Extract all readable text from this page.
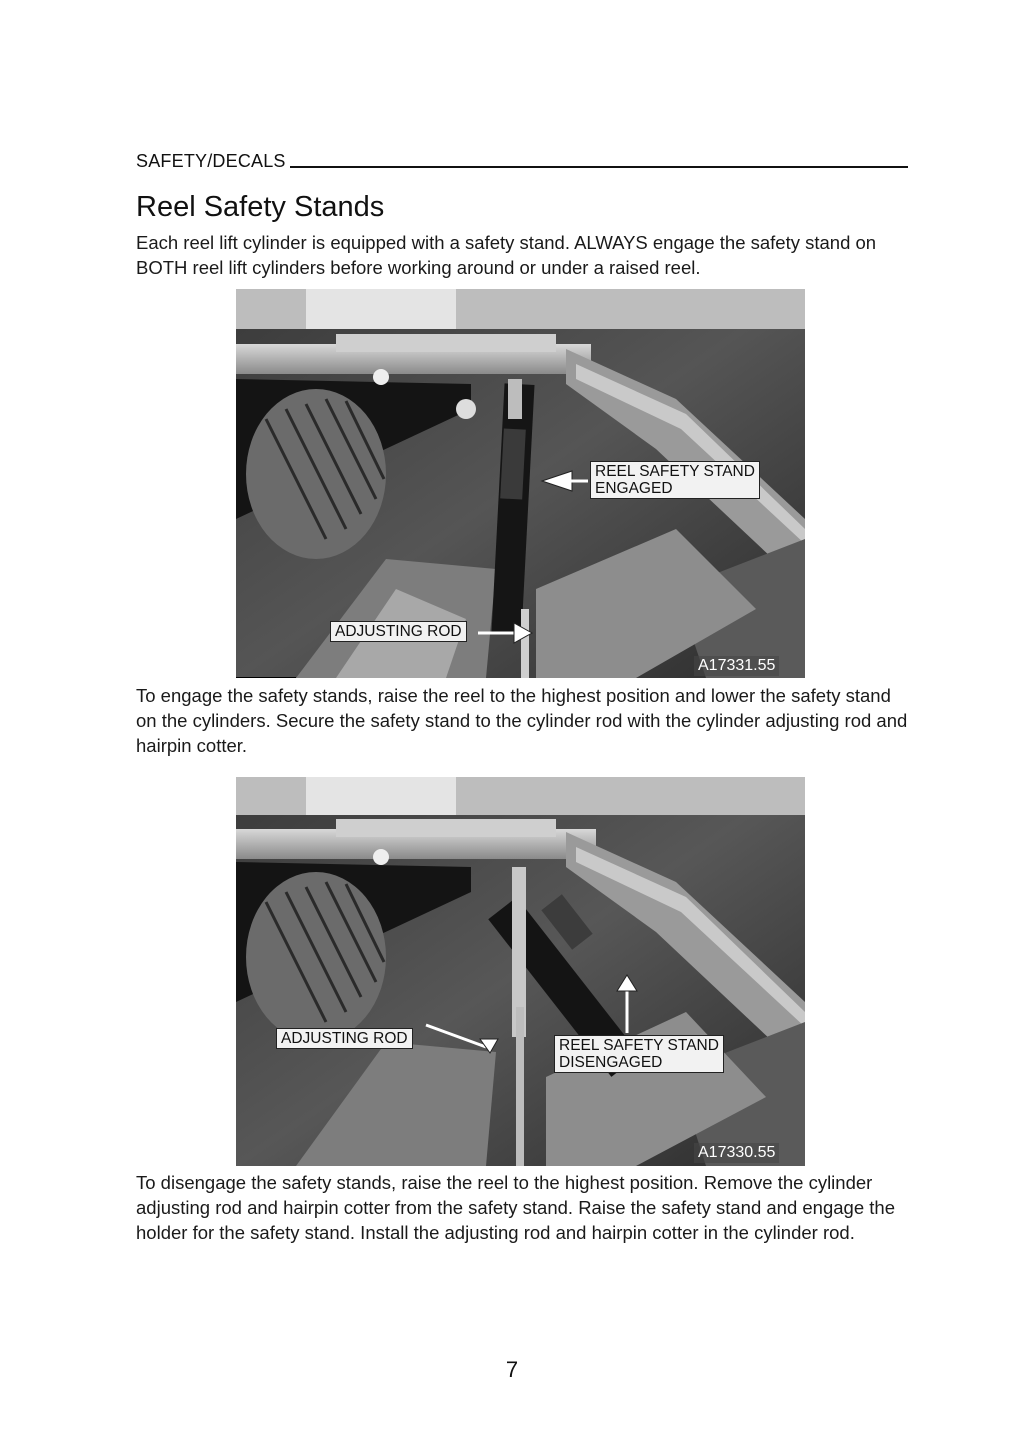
SAFETY/DECALS
Reel Safety Stands

Each reel lift cylinder is equipped with a safety stand. ALWAYS engage the safety stand on BOTH reel lift cylinders before working around or under a raised reel.

REEL SAFETY STAND
ENGAGED
ADJUSTING ROD
A17331.55

To engage the safety stands, raise the reel to the highest position and lower the safety stand on the cylinders. Secure the safety stand to the cylinder rod with the cylinder adjusting rod and hairpin cotter.

ADJUSTING ROD	REEL SAFETY STAND
DISENGAGED
A17330.55

To disengage the safety stands, raise the reel to the highest position. Remove the cylinder adjusting rod and hairpin cotter from the safety stand. Raise the safety stand and engage the holder for the safety stand. Install the adjusting rod and hairpin cotter in the cylinder rod.

7
